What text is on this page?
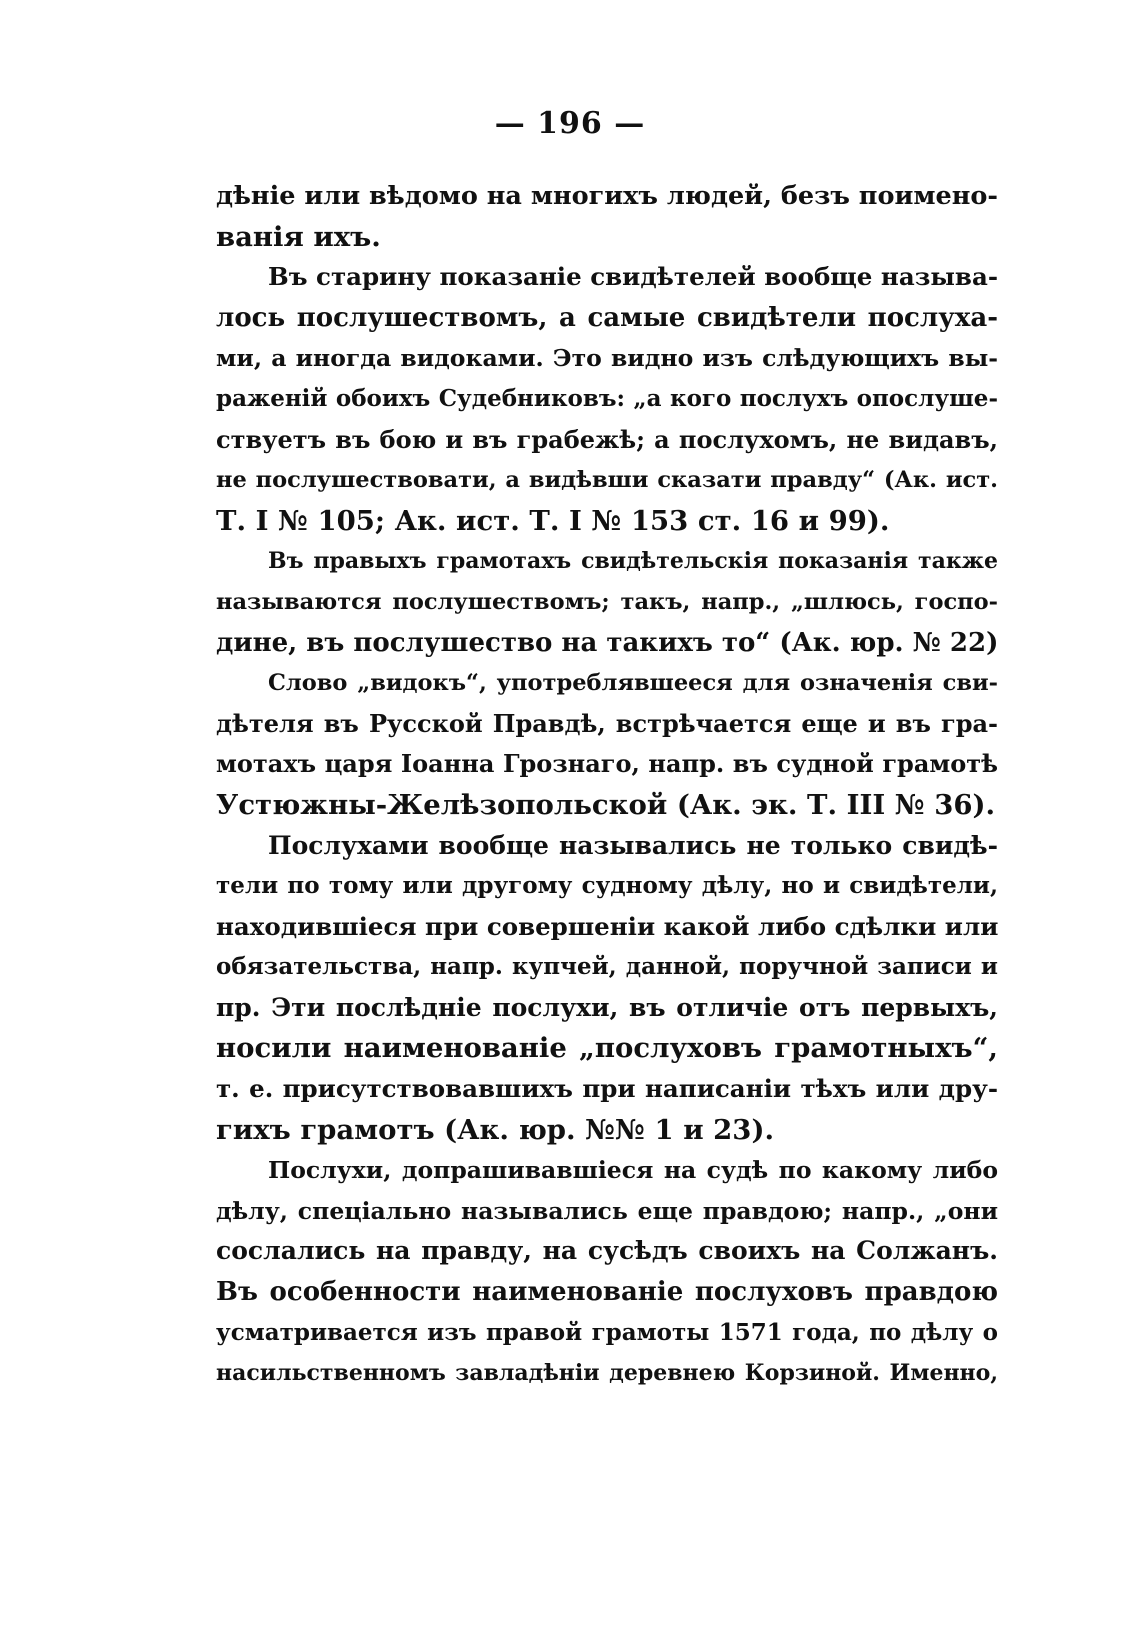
— 196 —
дѣніе или вѣдомо на многихъ людей, безъ поимено-
ванія ихъ.
Въ старину показаніе свидѣтелей вообще называ-
лось послушествомъ, а самые свидѣтели послуха-
ми, а иногда видоками. Это видно изъ слѣдующихъ вы-
раженій обоихъ Судебниковъ: „а кого послухъ опослуше-
ствуетъ въ бою и въ грабежѣ; а послухомъ, не видавъ,
не послушествовати, а видѣвши сказати правду“ (Ак. ист.
Т. I № 105; Ак. ист. Т. I № 153 ст. 16 и 99).
Въ правыхъ грамотахъ свидѣтельскія показанія также
называются послушествомъ; такъ, напр., „шлюсь, госпо-
дине, въ послушество на такихъ то“ (Ак. юр. № 22)
Слово „видокъ“, употреблявшееся для означенія сви-
дѣтеля въ Русской Правдѣ, встрѣчается еще и въ гра-
мотахъ царя Іоанна Грознаго, напр. въ судной грамотѣ
Устюжны-Желѣзопольской (Ак. эк. Т. III № 36).
Послухами вообще назывались не только свидѣ-
тели по тому или другому судному дѣлу, но и свидѣтели,
находившіеся при совершеніи какой либо сдѣлки или
обязательства, напр. купчей, данной, поручной записи и
пр. Эти послѣдніе послухи, въ отличіе отъ первыхъ,
носили наименованіе „послуховъ грамотныхъ“,
т. е. присутствовавшихъ при написаніи тѣхъ или дру-
гихъ грамотъ (Ак. юр. №№ 1 и 23).
Послухи, допрашивавшіеся на судѣ по какому либо
дѣлу, спеціально назывались еще правдою; напр., „они
сослались на правду, на сусѣдъ своихъ на Солжанъ.
Въ особенности наименованіе послуховъ правдою
усматривается изъ правой грамоты 1571 года, по дѣлу о
насильственномъ завладѣніи деревнею Корзиной. Именно,
